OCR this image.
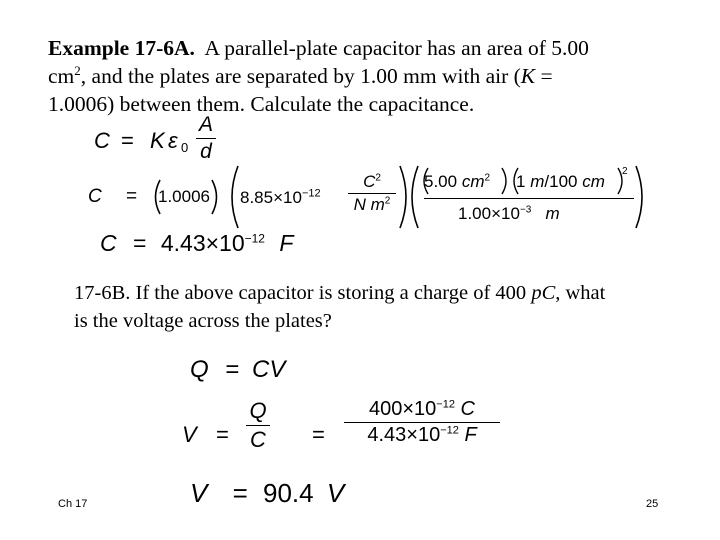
Example 17-6A. A parallel-plate capacitor has an area of 5.00
$cm^2$, and the plates are separated by 1.00 mm with air (K =
1.0006) between them. Calculate the capacitance.
C = K ε 0
A
d
C = 1.0006 $8.85\times 10^{-12}$
$C^2$
N $m^2$
5.00 $cm^2$ 1 m/100 cm
2
$1.00\times 10^{-3}$ m
$C = 4.43\times 10^{-12}$ F
17-6B. If the above capacitor is storing a charge of 400 pC, what
is the voltage across the plates?
Q = CV
V =
Q
C =
$400\times 10^{-12}$ C
$4.43\times 10^{-12}$ F
V = 90.4 V
Ch 17	25
